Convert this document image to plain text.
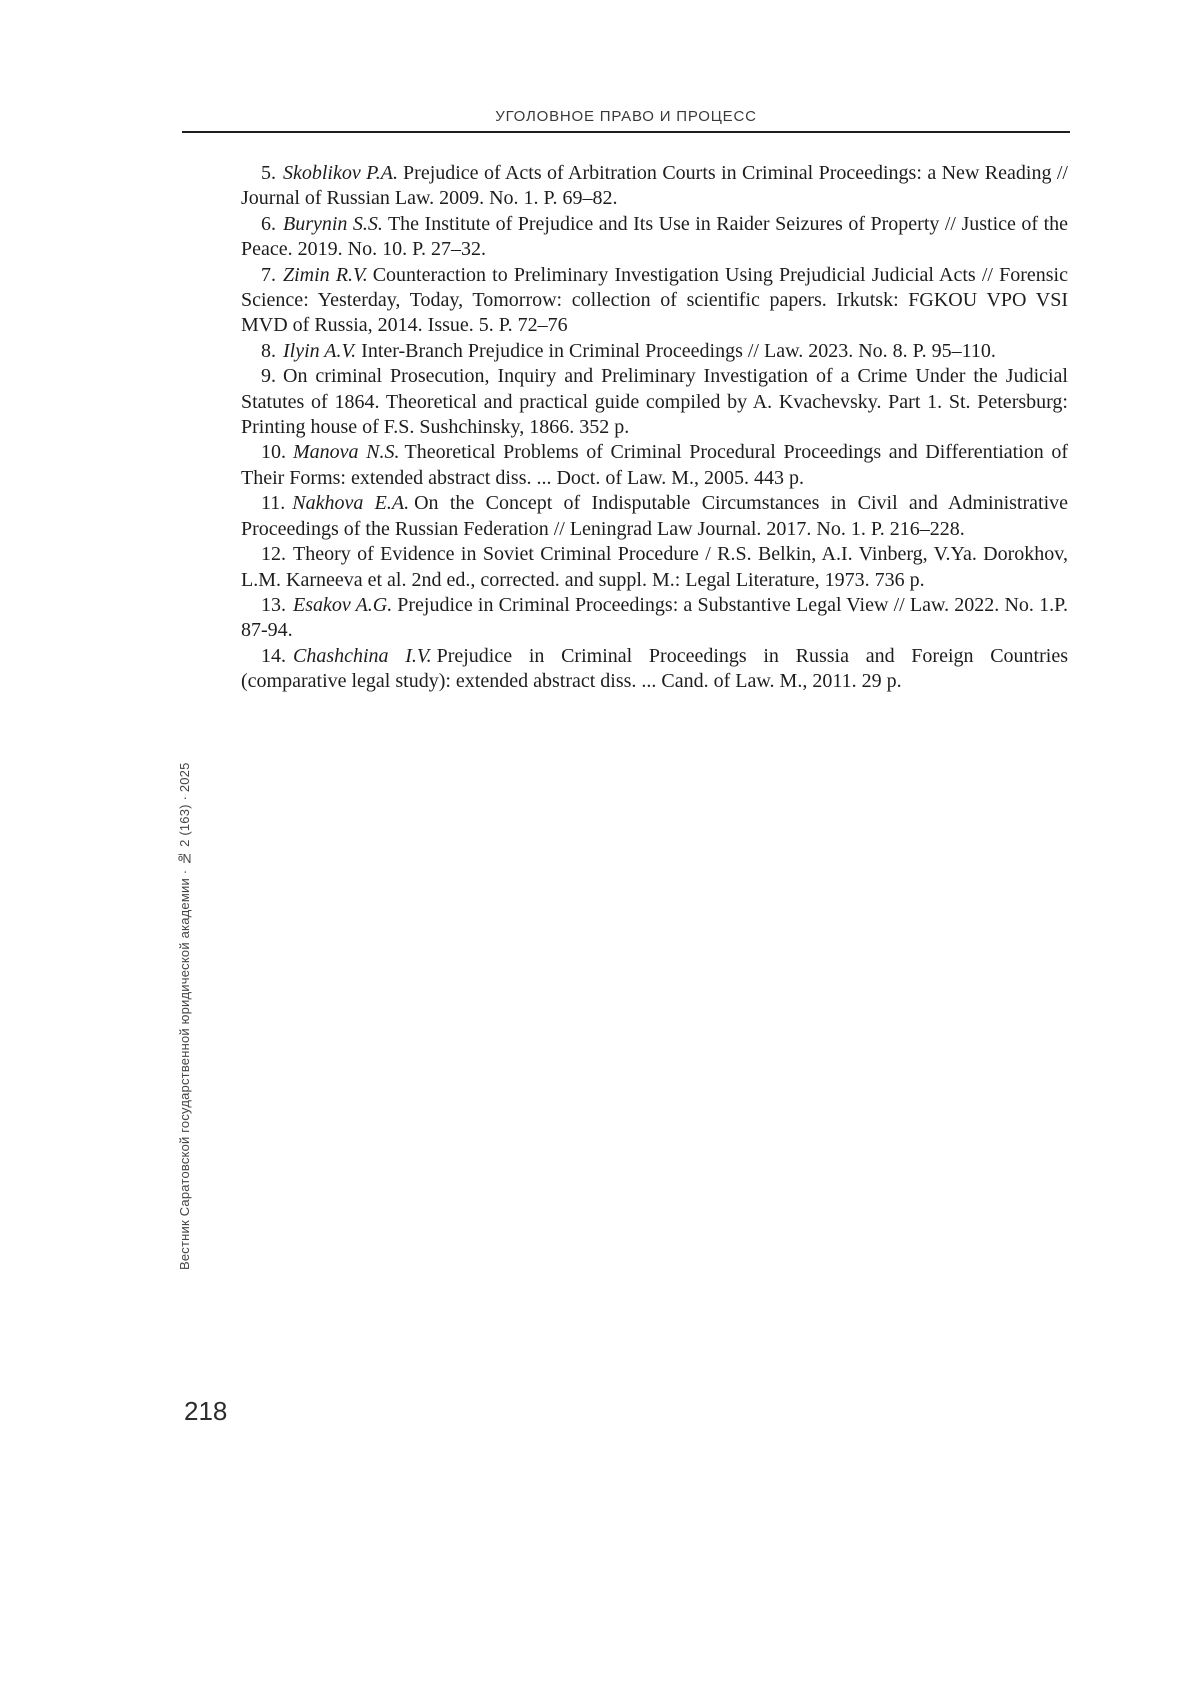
УГОЛОВНОЕ ПРАВО И ПРОЦЕСС

5. Skoblikov P.A. Prejudice of Acts of Arbitration Courts in Criminal Proceedings: a New Reading // Journal of Russian Law. 2009. No. 1. P. 69–82.

6. Burynin S.S. The Institute of Prejudice and Its Use in Raider Seizures of Property // Justice of the Peace. 2019. No. 10. P. 27–32.

7. Zimin R.V. Counteraction to Preliminary Investigation Using Prejudicial Judicial Acts // Forensic Science: Yesterday, Today, Tomorrow: collection of scientific papers. Irkutsk: FGKOU VPO VSI MVD of Russia, 2014. Issue. 5. P. 72–76

8. Ilyin A.V. Inter-Branch Prejudice in Criminal Proceedings // Law. 2023. No. 8. P. 95–110.

9. On criminal Prosecution, Inquiry and Preliminary Investigation of a Crime Under the Judicial Statutes of 1864. Theoretical and practical guide compiled by A. Kvachevsky. Part 1. St. Petersburg: Printing house of F.S. Sushchinsky, 1866. 352 p.

10. Manova N.S. Theoretical Problems of Criminal Procedural Proceedings and Differentiation of Their Forms: extended abstract diss. ... Doct. of Law. M., 2005. 443 p.

11. Nakhova E.A. On the Concept of Indisputable Circumstances in Civil and Administrative Proceedings of the Russian Federation // Leningrad Law Journal. 2017. No. 1. P. 216–228.

12. Theory of Evidence in Soviet Criminal Procedure / R.S. Belkin, A.I. Vinberg, V.Ya. Dorokhov, L.M. Karneeva et al. 2nd ed., corrected. and suppl. M.: Legal Literature, 1973. 736 p.

13. Esakov A.G. Prejudice in Criminal Proceedings: a Substantive Legal View // Law. 2022. No. 1.P. 87-94.

14. Chashchina I.V. Prejudice in Criminal Proceedings in Russia and Foreign Countries (comparative legal study): extended abstract diss. ... Cand. of Law. M., 2011. 29 p.

Вестник Саратовской государственной юридической академии · № 2 (163) · 2025
218
